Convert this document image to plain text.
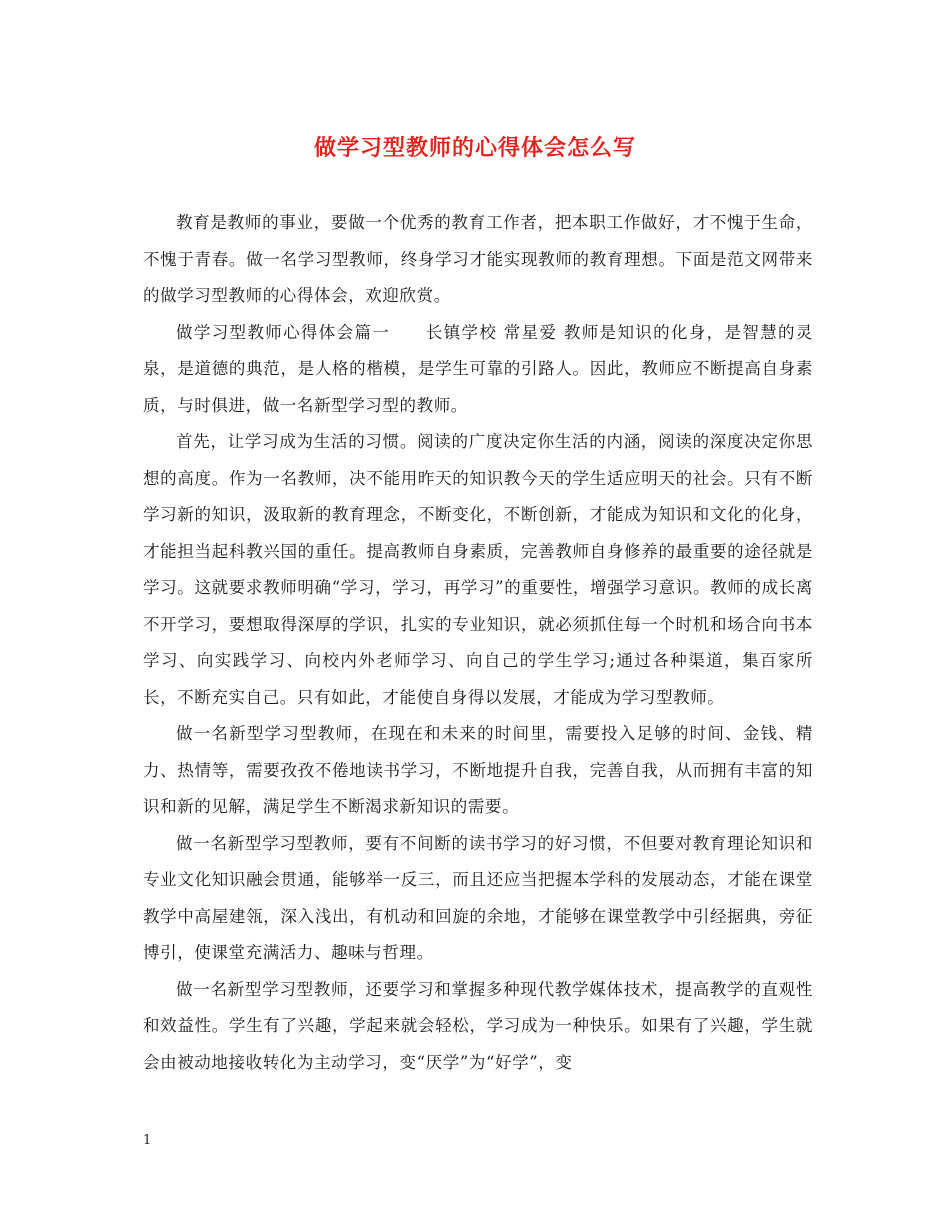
做学习型教师的心得体会怎么写

教育是教师的事业，要做一个优秀的教育工作者，把本职工作做好，才不愧于生命，不愧于青春。做一名学习型教师，终身学习才能实现教师的教育理想。下面是范文网带来的做学习型教师的心得体会，欢迎欣赏。

做学习型教师心得体会篇一　　长镇学校 常星爱 教师是知识的化身，是智慧的灵泉，是道德的典范，是人格的楷模，是学生可靠的引路人。因此，教师应不断提高自身素质，与时俱进，做一名新型学习型的教师。

首先，让学习成为生活的习惯。阅读的广度决定你生活的内涵，阅读的深度决定你思想的高度。作为一名教师，决不能用昨天的知识教今天的学生适应明天的社会。只有不断学习新的知识，汲取新的教育理念，不断变化，不断创新，才能成为知识和文化的化身，才能担当起科教兴国的重任。提高教师自身素质，完善教师自身修养的最重要的途径就是学习。这就要求教师明确“学习，学习，再学习”的重要性，增强学习意识。教师的成长离不开学习，要想取得深厚的学识，扎实的专业知识，就必须抓住每一个时机和场合向书本学习、向实践学习、向校内外老师学习、向自己的学生学习;通过各种渠道，集百家所长，不断充实自己。只有如此，才能使自身得以发展，才能成为学习型教师。

做一名新型学习型教师，在现在和未来的时间里，需要投入足够的时间、金钱、精力、热情等，需要孜孜不倦地读书学习，不断地提升自我，完善自我，从而拥有丰富的知识和新的见解，满足学生不断渴求新知识的需要。

做一名新型学习型教师，要有不间断的读书学习的好习惯，不但要对教育理论知识和专业文化知识融会贯通，能够举一反三，而且还应当把握本学科的发展动态，才能在课堂教学中高屋建瓴，深入浅出，有机动和回旋的余地，才能够在课堂教学中引经据典，旁征博引，使课堂充满活力、趣味与哲理。

做一名新型学习型教师，还要学习和掌握多种现代教学媒体技术，提高教学的直观性和效益性。学生有了兴趣，学起来就会轻松，学习成为一种快乐。如果有了兴趣，学生就会由被动地接收转化为主动学习，变“厌学”为“好学”，变

1
